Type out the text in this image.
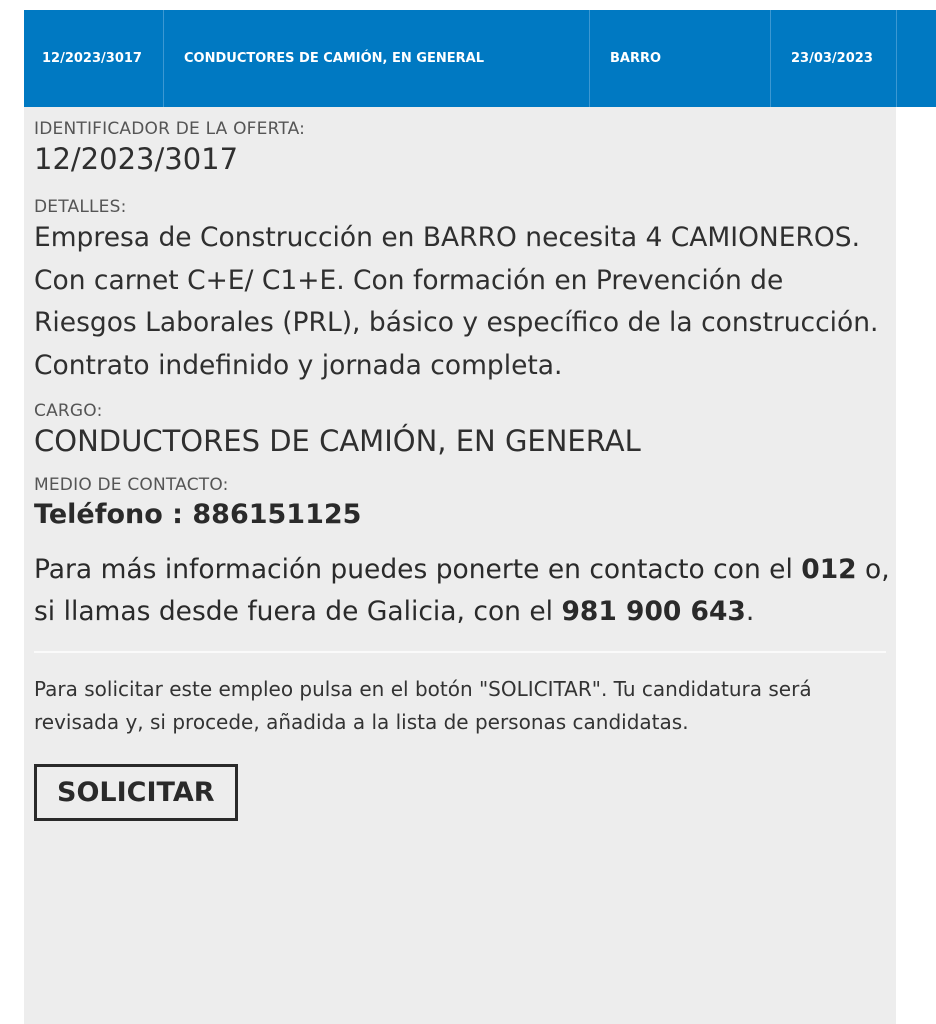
12/2023/3017	CONDUCTORES DE CAMIÓN, EN GENERAL	BARRO	23/03/2023
IDENTIFICADOR DE LA OFERTA:
12/2023/3017
DETALLES:
Empresa de Construcción en BARRO necesita 4 CAMIONEROS. Con carnet C+E/ C1+E. Con formación en Prevención de Riesgos Laborales (PRL), básico y específico de la construcción. Contrato indefinido y jornada completa.
CARGO:
CONDUCTORES DE CAMIÓN, EN GENERAL
MEDIO DE CONTACTO:
Teléfono : 886151125
Para más información puedes ponerte en contacto con el 012 o, si llamas desde fuera de Galicia, con el 981 900 643.
Para solicitar este empleo pulsa en el botón "SOLICITAR". Tu candidatura será revisada y, si procede, añadida a la lista de personas candidatas.
SOLICITAR
